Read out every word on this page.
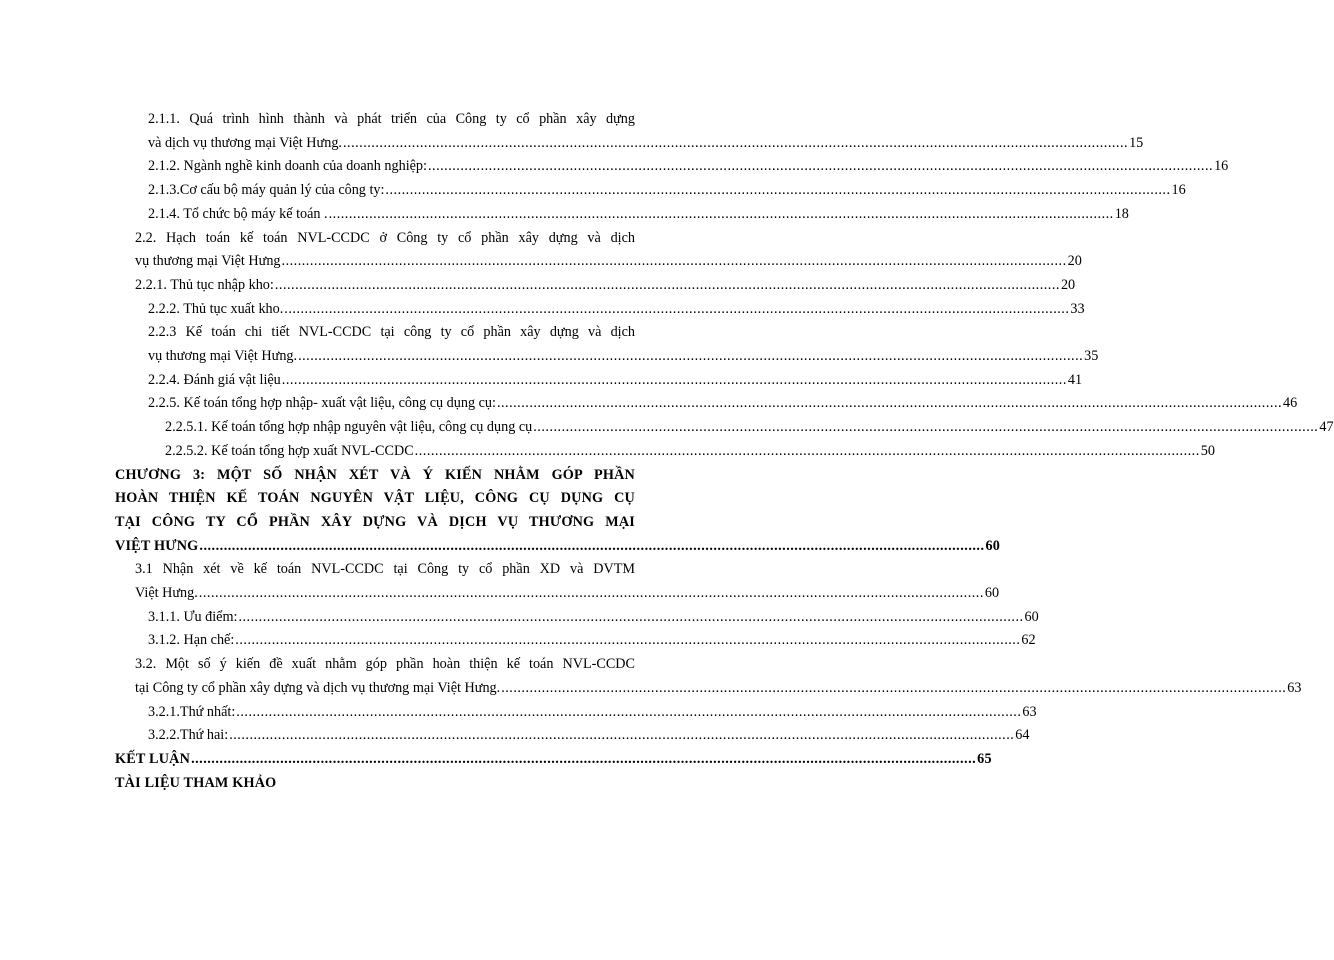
2.1.1. Quá trình hình thành và phát triển của Công ty cổ phần xây dựng
và dịch vụ thương mại Việt Hưng. .................................................................................................................................................................................................. 15
2.1.2. Ngành nghề kinh doanh của doanh nghiệp: .................................................................................................................................................................................................. 16
2.1.3.Cơ cấu bộ máy quản lý của công ty: .................................................................................................................................................................................................. 16
2.1.4. Tổ chức bộ máy kế toán . .................................................................................................................................................................................................. 18
2.2. Hạch toán kế toán NVL-CCDC ở Công ty cổ phần xây dựng và dịch
vụ thương mại Việt Hưng .................................................................................................................................................................................................. 20
2.2.1. Thủ tục nhập kho: .................................................................................................................................................................................................. 20
2.2.2. Thủ tục xuất kho. .................................................................................................................................................................................................. 33
2.2.3 Kế toán chi tiết NVL-CCDC tại công ty cổ phần xây dựng và dịch
vụ thương mại Việt Hưng. .................................................................................................................................................................................................. 35
2.2.4. Đánh giá vật liệu .................................................................................................................................................................................................. 41
2.2.5. Kế toán tổng hợp nhập- xuất vật liệu, công cụ dụng cụ: .................................................................................................................................................................................................. 46
2.2.5.1. Kế toán tổng hợp nhập nguyên vật liệu, công cụ dụng cụ .................................................................................................................................................................................................. 47
2.2.5.2. Kế toán tổng hợp xuất NVL-CCDC .................................................................................................................................................................................................. 50
CHƯƠNG 3: MỘT SỐ NHẬN XÉT VÀ Ý KIẾN NHẰM GÓP PHẦN
HOÀN THIỆN KẾ TOÁN NGUYÊN VẬT LIỆU, CÔNG CỤ DỤNG CỤ
TẠI CÔNG TY CỔ PHẦN XÂY DỰNG VÀ DỊCH VỤ THƯƠNG MẠI
VIỆT HƯNG .................................................................................................................................................................................................. 60
3.1 Nhận xét về kế toán NVL-CCDC tại Công ty cổ phần XD và DVTM
Việt Hưng. .................................................................................................................................................................................................. 60
3.1.1. Ưu điểm: .................................................................................................................................................................................................. 60
3.1.2. Hạn chế: .................................................................................................................................................................................................. 62
3.2. Một số ý kiến đề xuất nhằm góp phần hoàn thiện kế toán NVL-CCDC
tại Công ty cổ phần xây dựng và dịch vụ thương mại Việt Hưng. .................................................................................................................................................................................................. 63
3.2.1.Thứ nhất: .................................................................................................................................................................................................. 63
3.2.2.Thứ hai: .................................................................................................................................................................................................. 64
KẾT LUẬN .................................................................................................................................................................................................. 65
TÀI LIỆU THAM KHẢO
